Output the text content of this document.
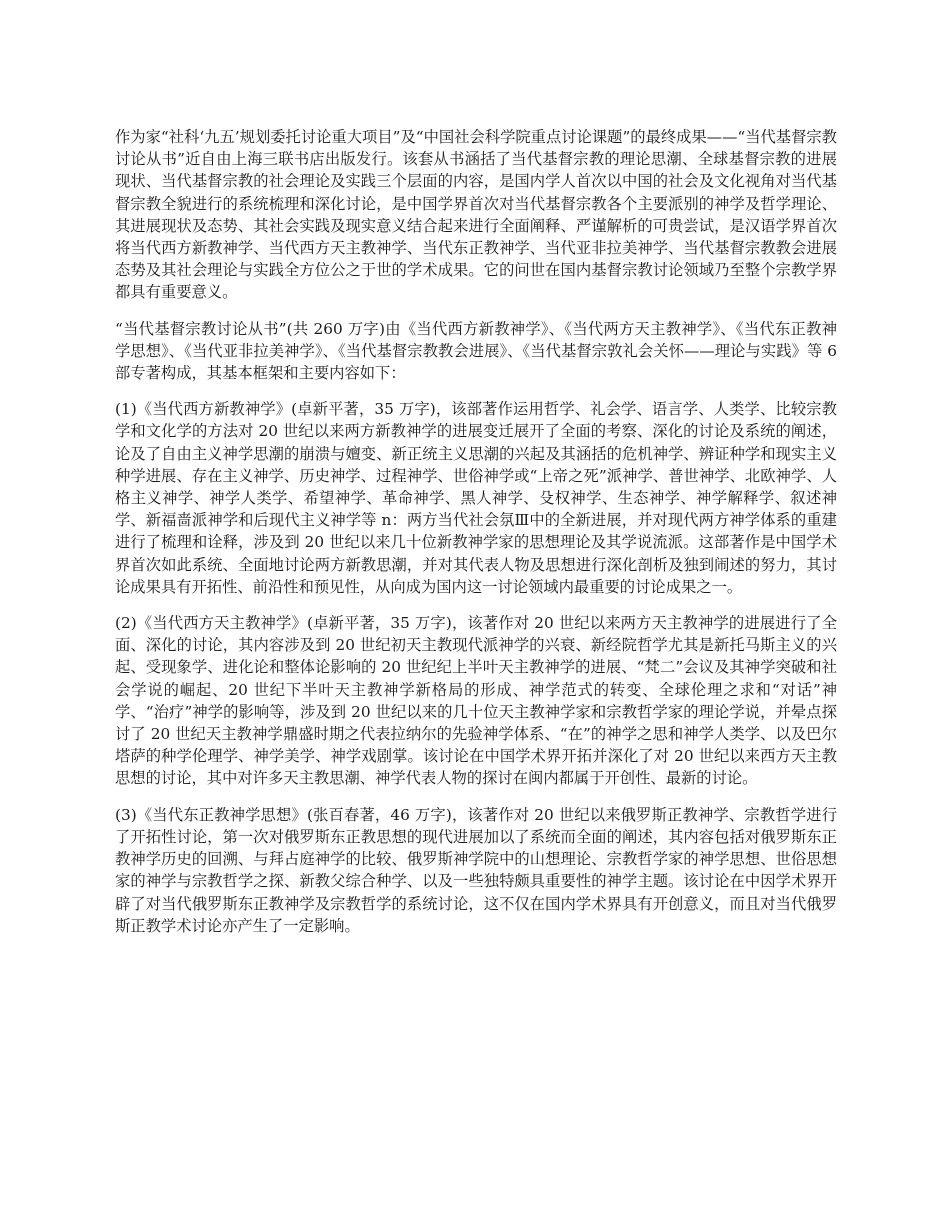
作为家“社科‘九五’规划委托讨论重大项目”及“中国社会科学院重点讨论课题”的最终成果——“当代基督宗教讨论从书”近自由上海三联书店出版发行。该套从书涵括了当代基督宗教的理论思潮、全球基督宗教的进展现状、当代基督宗教的社会理论及实践三个层面的内容，是国内学人首次以中国的社会及文化视角对当代基督宗教全貌进行的系统梳理和深化讨论，是中国学界首次对当代基督宗教各个主要派别的神学及哲学理论、其进展现状及态势、其社会实践及现实意义结合起来进行全面阐释、严谨解析的可贵尝试，是汉语学界首次将当代西方新教神学、当代西方天主教神学、当代东正教神学、当代亚非拉美神学、当代基督宗教教会进展态势及其社会理论与实践全方位公之于世的学术成果。它的问世在国内基督宗教讨论领域乃至整个宗教学界都具有重要意义。

“当代基督宗教讨论从书”(共 260 万字)由《当代西方新教神学》、《当代两方天主教神学》、《当代东正教神学思想》、《当代亚非拉美神学》、《当代基督宗教教会进展》、《当代基督宗敦礼会关怀——理论与实践》等 6 部专著构成，其基本框架和主要内容如下：

(1)《当代西方新教神学》(卓新平著，35 万字)，该部著作运用哲学、礼会学、语言学、人类学、比较宗教学和文化学的方法对 20 世纪以来两方新教神学的进展变迁展开了全面的考察、深化的讨论及系统的阐述，论及了自由主义神学思潮的崩溃与嬗变、新正统主义思潮的兴起及其涵括的危机神学、辨证种学和现实主义种学进展、存在主义神学、历史神学、过程神学、世俗神学或“上帝之死”派神学、普世神学、北欧神学、人格主义神学、神学人类学、希望神学、革命神学、黑人神学、殳权神学、生态神学、神学解释学、叙述神学、新福啬派神学和后现代主义神学等 n：两方当代社会氛Ⅲ中的全新进展，并对现代两方神学体系的重建进行了梳理和诠释，涉及到 20 世纪以来几十位新教神学家的思想理论及其学说流派。这部著作是中国学术界首次如此系统、全面地讨论两方新教思潮，并对其代表人物及思想进行深化剖析及独到闹述的努力，其讨论成果具有开拓性、前沿性和预见性，从向成为国内这一讨论领域内最重要的讨论成果之一。

(2)《当代西方天主教神学》(卓新平著，35 万字)，该著作对 20 世纪以来两方天主教神学的进展进行了全面、深化的讨论，其内容涉及到 20 世纪初天主教现代派神学的兴衰、新经院哲学尤其是新托马斯主义的兴起、受现象学、进化论和整体论影响的 20 世纪纪上半叶天主教神学的进展、“梵二”会议及其神学突破和社会学说的崛起、20 世纪下半叶天主教神学新格局的形成、神学范式的转变、全球伦理之求和“对话”神学、“治疗”神学的影响等，涉及到 20 世纪以来的几十位天主教神学家和宗教哲学家的理论学说，并晕点探讨了 20 世纪天主教神学鼎盛时期之代表拉纳尔的先验神学体系、“在”的神学之思和神学人类学、以及巴尔塔萨的种学伦理学、神学美学、神学戏剧掌。该讨论在中国学术界开拓并深化了对 20 世纪以来西方天主教思想的讨论，其中对许多天主教思潮、神学代表人物的探讨在闽内都属于开创性、最新的讨论。

(3)《当代东正教神学思想》(张百春著，46 万字)，该著作对 20 世纪以来俄罗斯正教神学、宗教哲学进行了开拓性讨论，第一次对俄罗斯东正教思想的现代进展加以了系统而全面的阐述，其内容包括对俄罗斯东正教神学历史的回溯、与拜占庭神学的比较、俄罗斯神学院中的山想理论、宗教哲学家的神学思想、世俗思想家的神学与宗教哲学之探、新教父综合种学、以及一些独特颇具重要性的神学主题。该讨论在中因学术界开辟了对当代俄罗斯东正教神学及宗教哲学的系统讨论，这不仅在国内学术界具有开创意义，而且对当代俄罗斯正教学术讨论亦产生了一定影响。
